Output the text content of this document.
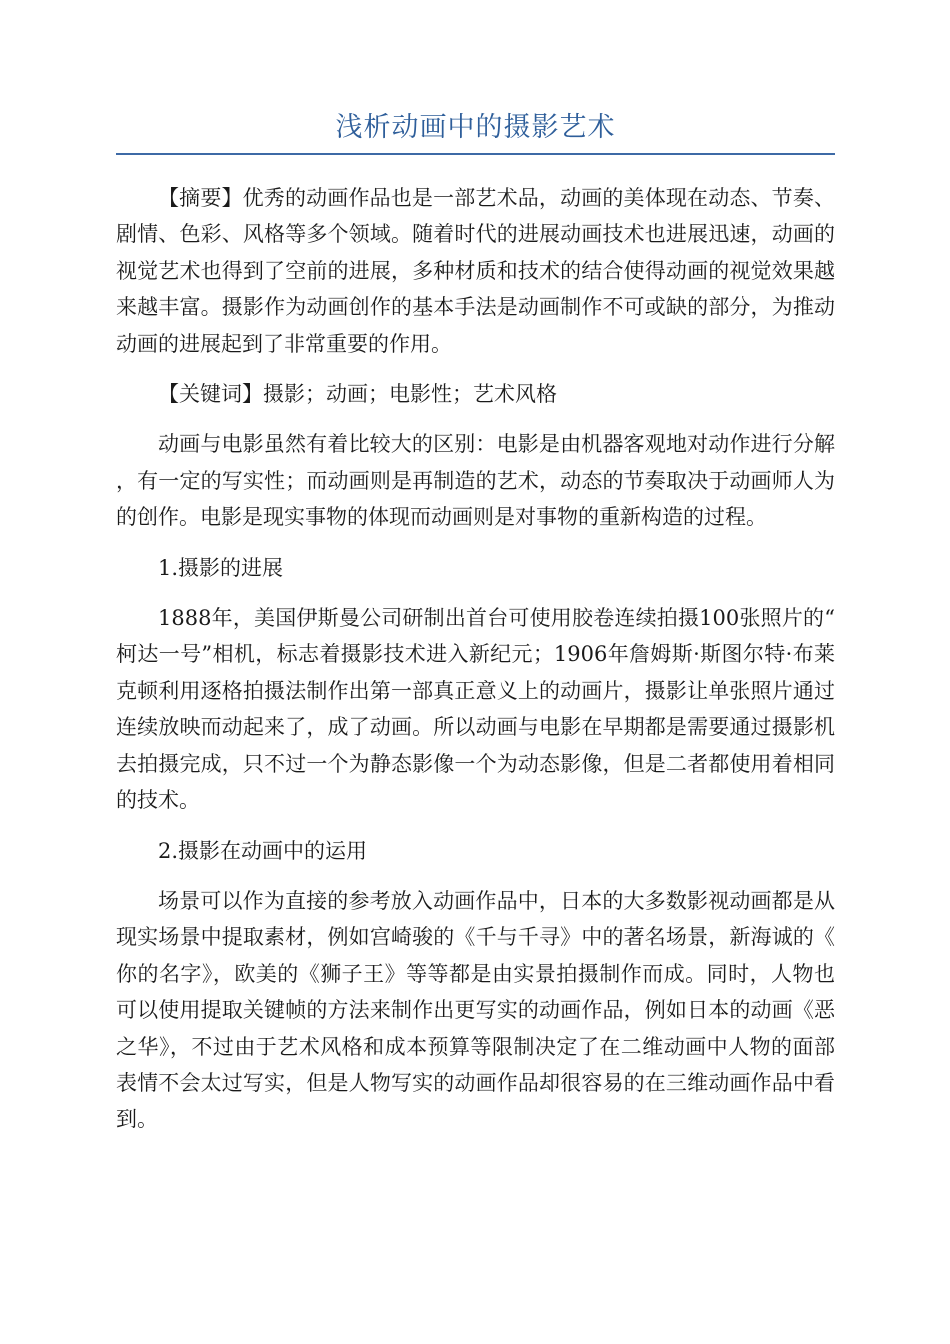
浅析动画中的摄影艺术

【摘要】优秀的动画作品也是一部艺术品，动画的美体现在动态、节奏、剧情、色彩、风格等多个领域。随着时代的进展动画技术也进展迅速，动画的视觉艺术也得到了空前的进展，多种材质和技术的结合使得动画的视觉效果越来越丰富。摄影作为动画创作的基本手法是动画制作不可或缺的部分，为推动动画的进展起到了非常重要的作用。

【关键词】摄影；动画；电影性；艺术风格

动画与电影虽然有着比较大的区别：电影是由机器客观地对动作进行分解，有一定的写实性；而动画则是再制造的艺术，动态的节奏取决于动画师人为的创作。电影是现实事物的体现而动画则是对事物的重新构造的过程。

1.摄影的进展

1888年，美国伊斯曼公司研制出首台可使用胶卷连续拍摄100张照片的“柯达一号”相机，标志着摄影技术进入新纪元；1906年詹姆斯·斯图尔特·布莱克顿利用逐格拍摄法制作出第一部真正意义上的动画片，摄影让单张照片通过连续放映而动起来了，成了动画。所以动画与电影在早期都是需要通过摄影机去拍摄完成，只不过一个为静态影像一个为动态影像，但是二者都使用着相同的技术。

2.摄影在动画中的运用

场景可以作为直接的参考放入动画作品中，日本的大多数影视动画都是从现实场景中提取素材，例如宫崎骏的《千与千寻》中的著名场景，新海诚的《你的名字》，欧美的《狮子王》等等都是由实景拍摄制作而成。同时，人物也可以使用提取关键帧的方法来制作出更写实的动画作品，例如日本的动画《恶之华》，不过由于艺术风格和成本预算等限制决定了在二维动画中人物的面部表情不会太过写实，但是人物写实的动画作品却很容易的在三维动画作品中看到。
